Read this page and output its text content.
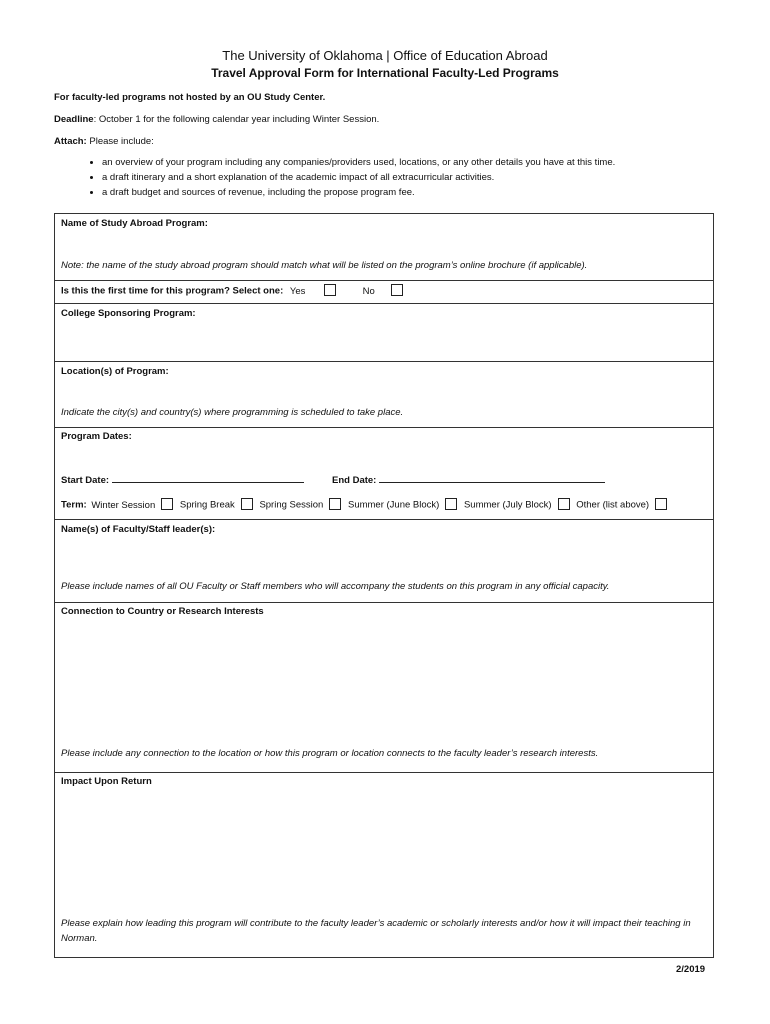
The University of Oklahoma | Office of Education Abroad
Travel Approval Form for International Faculty-Led Programs
For faculty-led programs not hosted by an OU Study Center.
Deadline: October 1 for the following calendar year including Winter Session.
Attach: Please include:
• an overview of your program including any companies/providers used, locations, or any other details you have at this time.
• a draft itinerary and a short explanation of the academic impact of all extracurricular activities.
• a draft budget and sources of revenue, including the propose program fee.
Name of Study Abroad Program:
Note: the name of the study abroad program should match what will be listed on the program’s online brochure (if applicable).
Is this the first time for this program? Select one: Yes	No
College Sponsoring Program:
Location(s) of Program:
Indicate the city(s) and country(s) where programming is scheduled to take place.
Program Dates:
Start Date:	End Date:
Term: Winter Session	Spring Break	Spring Session	Summer (June Block)	Summer (July Block)	Other (list above)
Name(s) of Faculty/Staff leader(s):
Please include names of all OU Faculty or Staff members who will accompany the students on this program in any official capacity.
Connection to Country or Research Interests
Please include any connection to the location or how this program or location connects to the faculty leader’s research interests.
Impact Upon Return
Please explain how leading this program will contribute to the faculty leader’s academic or scholarly interests and/or how it will impact their teaching in Norman.
2/2019
